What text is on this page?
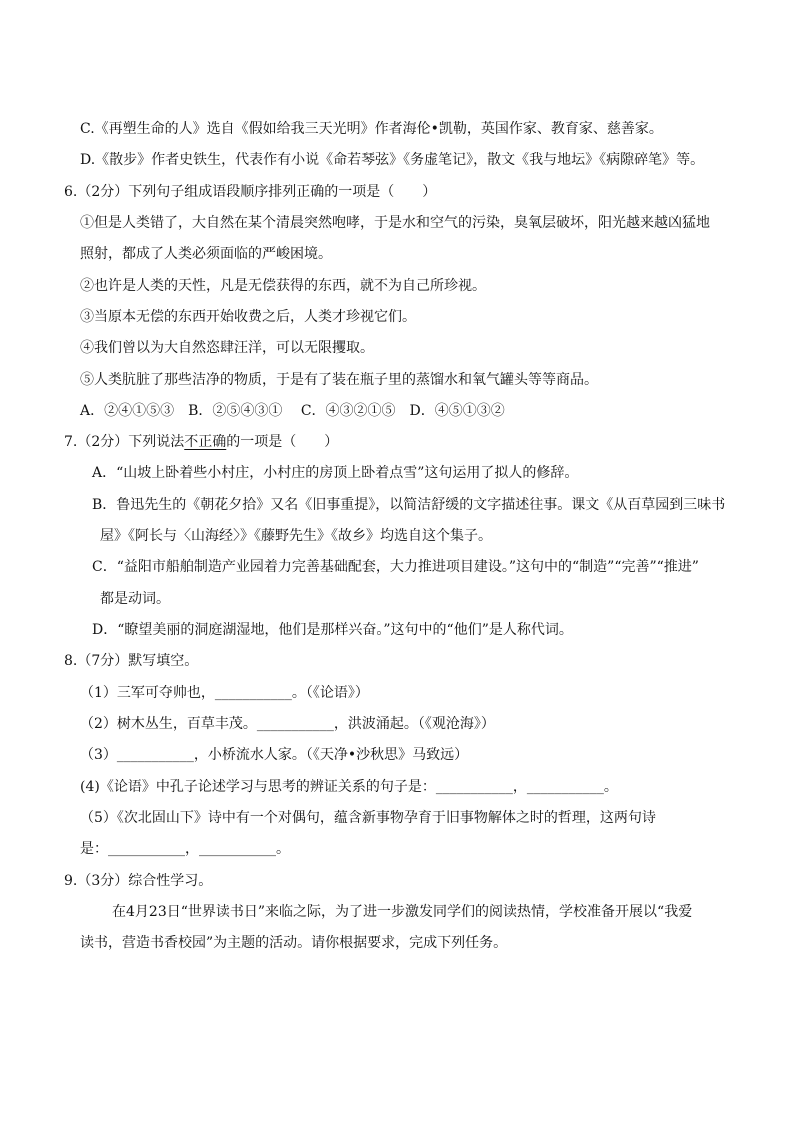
C.《再塑生命的人》选自《假如给我三天光明》作者海伦•凯勒，英国作家、教育家、慈善家。
D.《散步》作者史铁生，代表作有小说《命若琴弦》《务虚笔记》，散文《我与地坛》《病隙碎笔》等。
6.（2分）下列句子组成语段顺序排列正确的一项是（　　）
①但是人类错了，大自然在某个清晨突然咆哮，于是水和空气的污染，臭氧层破坏，阳光越来越凶猛地
照射，都成了人类必须面临的严峻困境。
②也许是人类的天性，凡是无偿获得的东西，就不为自己所珍视。
③当原本无偿的东西开始收费之后，人类才珍视它们。
④我们曾以为大自然恣肆汪洋，可以无限攫取。
⑤人类肮脏了那些洁净的物质，于是有了装在瓶子里的蒸馏水和氧气罐头等等商品。
A．②④①⑤③　B．②⑤④③①　 C．④③②①⑤　D．④⑤①③②
7.（2分）下列说法不正确的一项是（　　）
A．“山坡上卧着些小村庄，小村庄的房顶上卧着点雪”这句运用了拟人的修辞。
B．鲁迅先生的《朝花夕拾》又名《旧事重提》，以简洁舒缓的文字描述往事。课文《从百草园到三味书
屋》《阿长与〈山海经〉》《藤野先生》《故乡》均选自这个集子。
C．“益阳市船舶制造产业园着力完善基础配套，大力推进项目建设。”这句中的“制造”“完善”“推进”
都是动词。
D．“瞭望美丽的洞庭湖湿地，他们是那样兴奋。”这句中的“他们”是人称代词。
8.（7分）默写填空。
（1）三军可夺帅也，___________。（《论语》）
（2）树木丛生，百草丰茂。___________，洪波涌起。（《观沧海》）
（3）___________，小桥流水人家。（《天净•沙秋思》马致远）
(4)《论语》中孔子论述学习与思考的辨证关系的句子是：___________，___________。
（5）《次北固山下》诗中有一个对偶句，蕴含新事物孕育于旧事物解体之时的哲理，这两句诗
是：___________，___________。
9.（3分）综合性学习。
在4月23日“世界读书日”来临之际，为了进一步激发同学们的阅读热情，学校准备开展以“我爱
读书，营造书香校园”为主题的活动。请你根据要求，完成下列任务。
